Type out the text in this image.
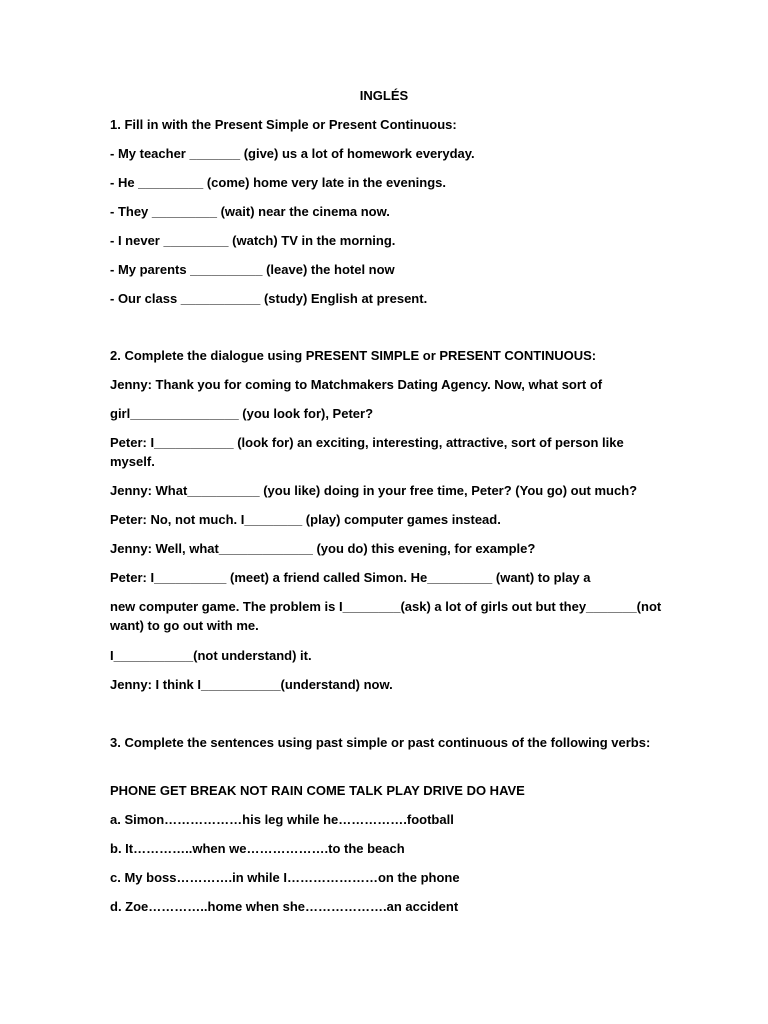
INGLÉS
1. Fill in with the Present Simple or Present Continuous:
- My teacher _______ (give) us a lot of homework everyday.
- He _________ (come) home very late in the evenings.
- They _________ (wait) near the cinema now.
- I never _________ (watch) TV in the morning.
- My parents __________ (leave) the hotel now
- Our class ___________ (study) English at present.
2. Complete the dialogue using PRESENT SIMPLE or PRESENT CONTINUOUS:
Jenny: Thank you for coming to Matchmakers Dating Agency. Now, what sort of
girl_______________ (you look for), Peter?
Peter: I___________ (look for) an exciting, interesting, attractive, sort of person like myself.
Jenny: What__________ (you like) doing in your free time, Peter? (You go) out much?
Peter: No, not much. I________ (play) computer games instead.
Jenny: Well, what_____________ (you do) this evening, for example?
Peter: I__________ (meet) a friend called Simon. He_________ (want) to play a
new computer game. The problem is I________(ask) a lot of girls out but they_______(not want) to go out with me.
I___________(not understand) it.
Jenny: I think I___________(understand) now.
3. Complete the sentences using past simple or past continuous of the following verbs:
PHONE GET BREAK NOT RAIN COME TALK PLAY DRIVE DO HAVE
a. Simon………………his leg while he…………….football
b. It…………..when we……………….to the beach
c. My boss………….in while I…………………on the phone
d. Zoe…………..home when she……………….an accident
